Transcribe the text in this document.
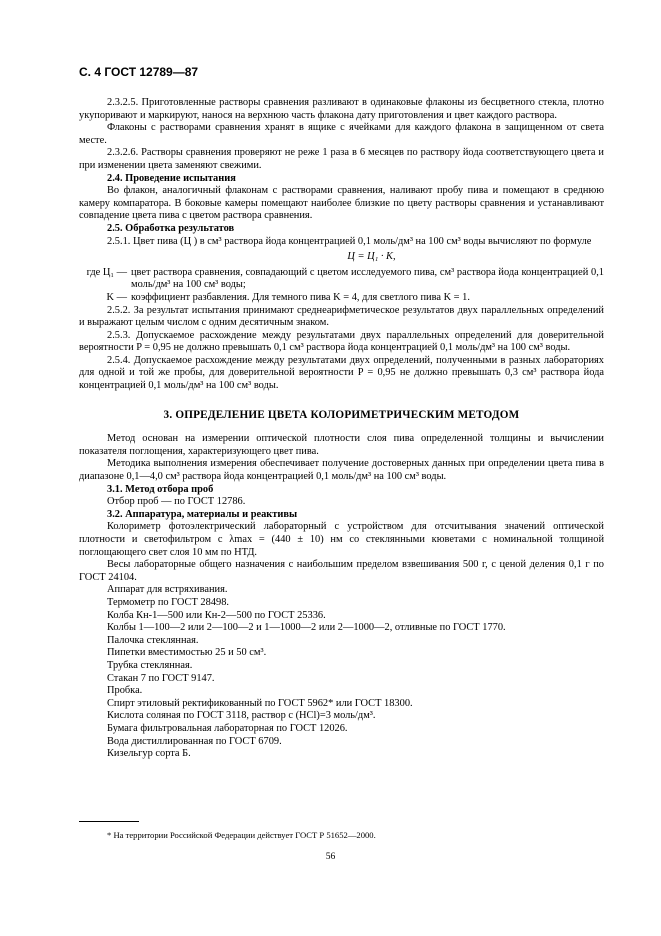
С. 4 ГОСТ 12789—87

2.3.2.5. Приготовленные растворы сравнения разливают в одинаковые флаконы из бесцветного стекла, плотно укупоривают и маркируют, нанося на верхнюю часть флакона дату приготовления и цвет каждого раствора.

Флаконы с растворами сравнения хранят в ящике с ячейками для каждого флакона в защищенном от света месте.

2.3.2.6. Растворы сравнения проверяют не реже 1 раза в 6 месяцев по раствору йода соответствующего цвета и при изменении цвета заменяют свежими.

2.4. Проведение испытания

Во флакон, аналогичный флаконам с растворами сравнения, наливают пробу пива и помещают в среднюю камеру компаратора. В боковые камеры помещают наиболее близкие по цвету растворы сравнения и устанавливают совпадение цвета пива с цветом раствора сравнения.

2.5. Обработка результатов

2.5.1. Цвет пива (Ц ) в см³ раствора йода концентрацией 0,1 моль/дм³ на 100 см³ воды вычисляют по формуле

Ц = Ц₁ · K,

где Ц₁ — цвет раствора сравнения, совпадающий с цветом исследуемого пива, см³ раствора йода концентрацией 0,1 моль/дм³ на 100 см³ воды;
K — коэффициент разбавления. Для темного пива K = 4, для светлого пива K = 1.

2.5.2. За результат испытания принимают среднеарифметическое результатов двух параллельных определений и выражают целым числом с одним десятичным знаком.

2.5.3. Допускаемое расхождение между результатами двух параллельных определений для доверительной вероятности P = 0,95 не должно превышать 0,1 см³ раствора йода концентрацией 0,1 моль/дм³ на 100 см³ воды.

2.5.4. Допускаемое расхождение между результатами двух определений, полученными в разных лабораториях для одной и той же пробы, для доверительной вероятности P = 0,95 не должно превышать 0,3 см³ раствора йода концентрацией 0,1 моль/дм³ на 100 см³ воды.

3. ОПРЕДЕЛЕНИЕ ЦВЕТА КОЛОРИМЕТРИЧЕСКИМ МЕТОДОМ

Метод основан на измерении оптической плотности слоя пива определенной толщины и вычислении показателя поглощения, характеризующего цвет пива.

Методика выполнения измерения обеспечивает получение достоверных данных при определении цвета пива в диапазоне 0,1—4,0 см³ раствора йода концентрацией 0,1 моль/дм³ на 100 см³ воды.

3.1. Метод отбора проб

Отбор проб — по ГОСТ 12786.

3.2. Аппаратура, материалы и реактивы

Колориметр фотоэлектрический лабораторный с устройством для отсчитывания значений оптической плотности и светофильтром с λmax = (440 ± 10) нм со стеклянными кюветами с номинальной толщиной поглощающего свет слоя 10 мм по НТД.

Весы лабораторные общего назначения с наибольшим пределом взвешивания 500 г, с ценой деления 0,1 г по ГОСТ 24104.

Аппарат для встряхивания.

Термометр по ГОСТ 28498.

Колба Кн-1—500 или Кн-2—500 по ГОСТ 25336.

Колбы 1—100—2 или 2—100—2 и 1—1000—2 или 2—1000—2, отливные по ГОСТ 1770.

Палочка стеклянная.

Пипетки вместимостью 25 и 50 см³.

Трубка стеклянная.

Стакан 7 по ГОСТ 9147.

Пробка.

Спирт этиловый ректификованный по ГОСТ 5962* или ГОСТ 18300.

Кислота соляная по ГОСТ 3118, раствор c (HCl)=3 моль/дм³.

Бумага фильтровальная лабораторная по ГОСТ 12026.

Вода дистиллированная по ГОСТ 6709.

Кизельгур сорта Б.

* На территории Российской Федерации действует ГОСТ Р 51652—2000.
56
